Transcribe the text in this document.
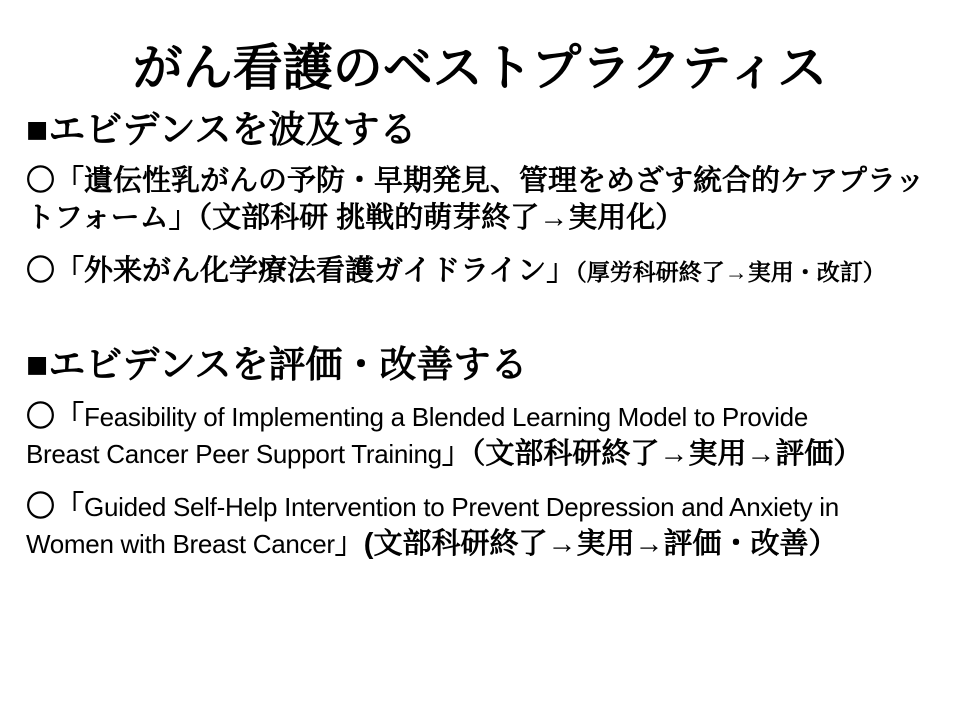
がん看護のベストプラクティス
■エビデンスを波及する
〇「遺伝性乳がんの予防・早期発見、管理をめざす統合的ケアプラッ
トフォーム」（文部科研 挑戦的萌芽終了→実用化）
〇「外来がん化学療法看護ガイドライン」（厚労科研終了→実用・改訂）
■エビデンスを評価・改善する
〇「Feasibility of Implementing a Blended Learning Model to Provide
Breast Cancer Peer Support Training」（文部科研終了→実用→評価）
〇「Guided Self-Help Intervention to Prevent Depression and Anxiety in
Women with Breast Cancer」(文部科研終了→実用→評価・改善）
